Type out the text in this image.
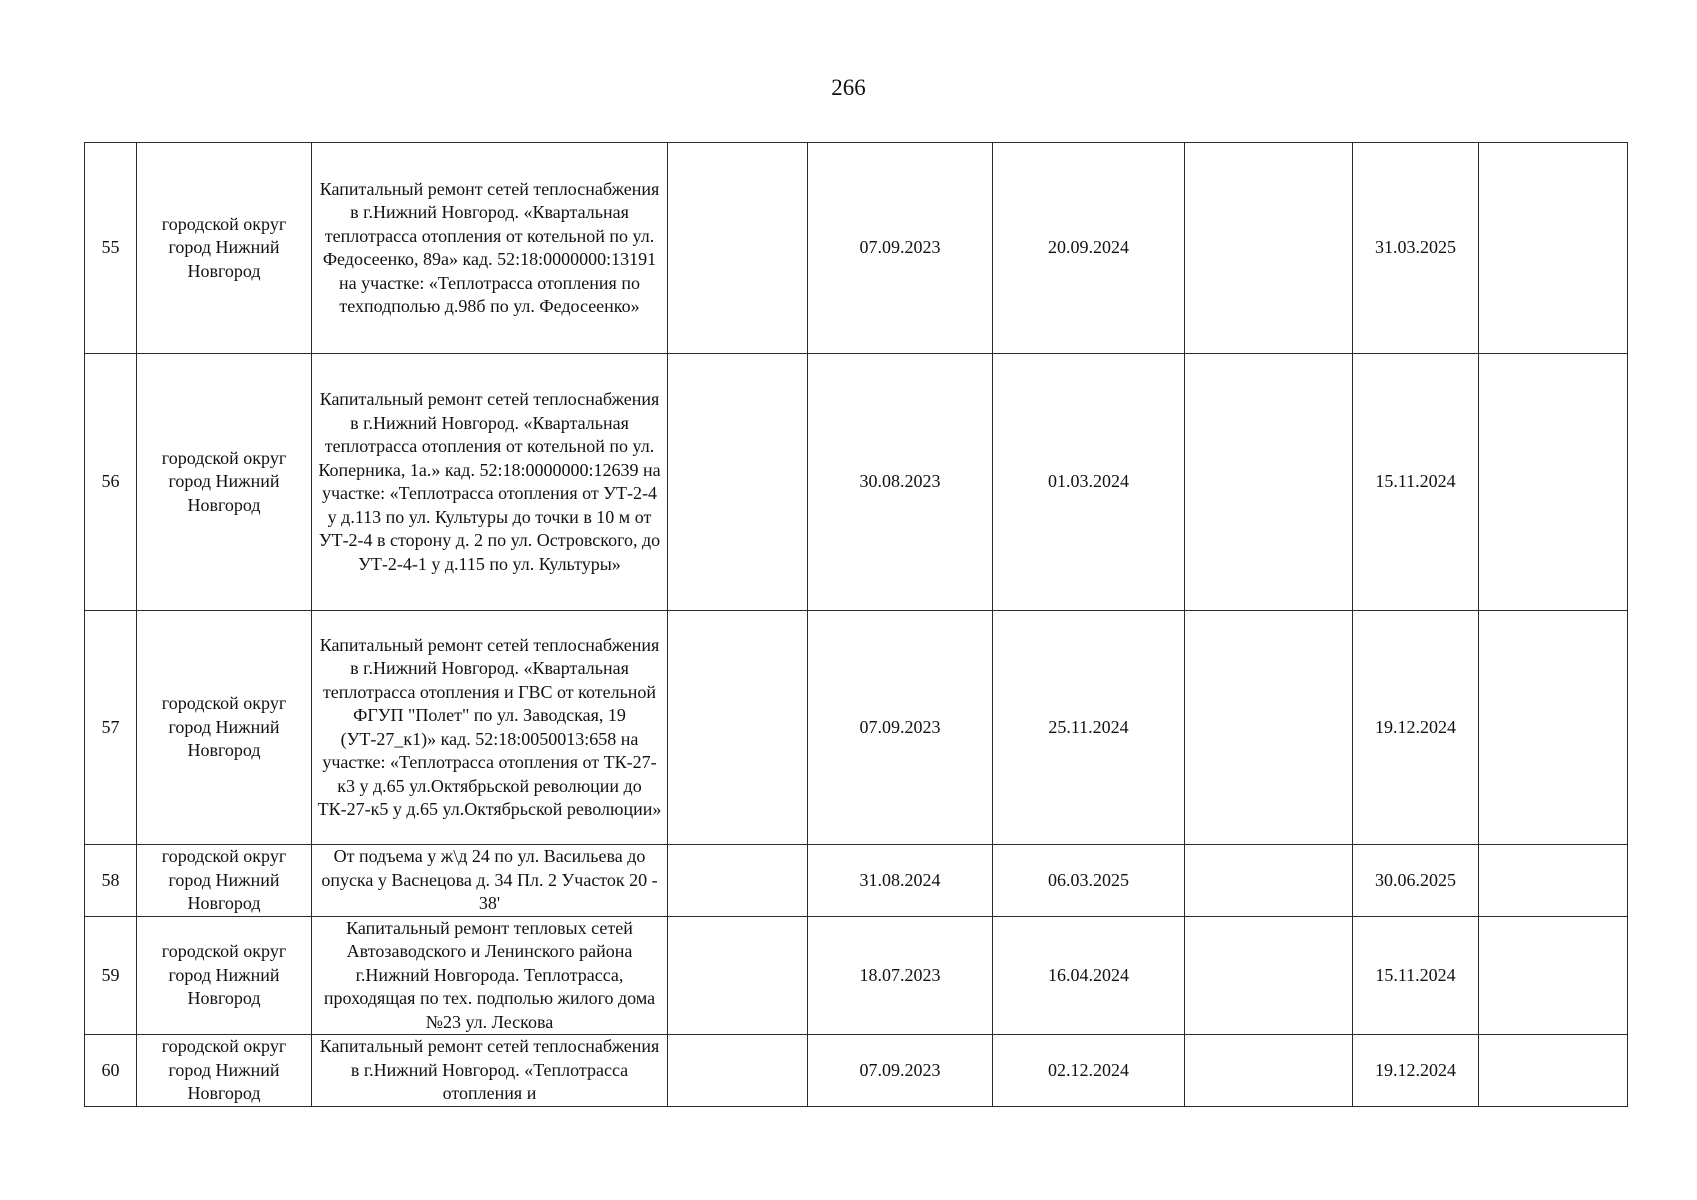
266
55	городской округ город Нижний Новгород	Капитальный ремонт сетей теплоснабжения в г.Нижний Новгород. «Квартальная теплотрасса отопления от котельной по ул. Федосеенко, 89а» кад. 52:18:0000000:13191 на участке: «Теплотрасса отопления по техподполью д.98б по ул. Федосеенко»		07.09.2023	20.09.2024		31.03.2025	
56	городской округ город Нижний Новгород	Капитальный ремонт сетей теплоснабжения в г.Нижний Новгород. «Квартальная теплотрасса отопления от котельной по ул. Коперника, 1а.» кад. 52:18:0000000:12639 на участке: «Теплотрасса отопления от УТ-2-4 у д.113 по ул. Культуры до точки в 10 м от УТ-2-4 в сторону д. 2 по ул. Островского, до УТ-2-4-1 у д.115 по ул. Культуры»		30.08.2023	01.03.2024		15.11.2024	
57	городской округ город Нижний Новгород	Капитальный ремонт сетей теплоснабжения в г.Нижний Новгород. «Квартальная теплотрасса отопления и ГВС от котельной ФГУП "Полет" по ул. Заводская, 19 (УТ-27_к1)» кад. 52:18:0050013:658 на участке: «Теплотрасса отопления от ТК-27-к3 у д.65 ул.Октябрьской революции до ТК-27-к5 у д.65 ул.Октябрьской революции»		07.09.2023	25.11.2024		19.12.2024	
58	городской округ город Нижний Новгород	От подъема у ж\д 24 по ул. Васильева до опуска у Васнецова д. 34 Пл. 2 Участок 20 - 38'		31.08.2024	06.03.2025		30.06.2025	
59	городской округ город Нижний Новгород	Капитальный ремонт тепловых сетей Автозаводского и Ленинского района г.Нижний Новгорода. Теплотрасса, проходящая по тех. подполью жилого дома №23 ул. Лескова		18.07.2023	16.04.2024		15.11.2024	
60	городской округ город Нижний Новгород	Капитальный ремонт сетей теплоснабжения в г.Нижний Новгород. «Теплотрасса отопления и		07.09.2023	02.12.2024		19.12.2024	
